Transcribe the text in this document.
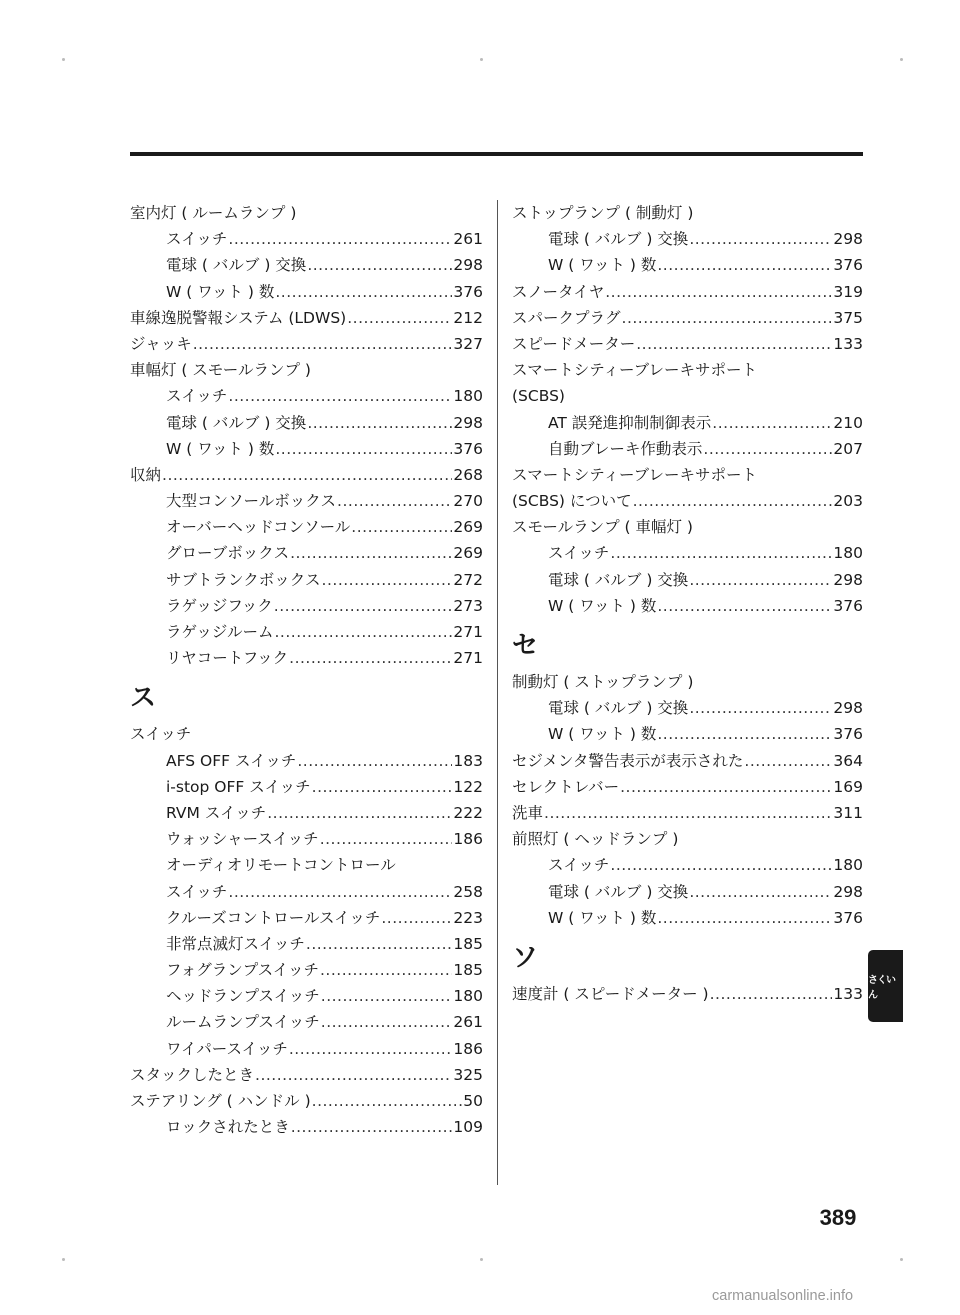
室内灯 ( ルームランプ )
スイッチ .....	261
電球 ( バルブ ) 交換 .....	298
W ( ワット ) 数 .....	376
車線逸脱警報システム (LDWS) .....	212
ジャッキ .....	327
車幅灯 ( スモールランプ )
スイッチ .....	180
電球 ( バルブ ) 交換 .....	298
W ( ワット ) 数 .....	376
収納 .....	268
大型コンソールボックス .....	270
オーバーヘッドコンソール .....	269
グローブボックス .....	269
サブトランクボックス .....	272
ラゲッジフック .....	273
ラゲッジルーム .....	271
リヤコートフック .....	271
ス
スイッチ
AFS OFF スイッチ .....	183
i-stop OFF スイッチ .....	122
RVM スイッチ .....	222
ウォッシャースイッチ .....	186
オーディオリモートコントロール
スイッチ .....	258
クルーズコントロールスイッチ .....	223
非常点滅灯スイッチ .....	185
フォグランプスイッチ .....	185
ヘッドランプスイッチ .....	180
ルームランプスイッチ .....	261
ワイパースイッチ .....	186
スタックしたとき .....	325
ステアリング ( ハンドル ) .....	50
ロックされたとき .....	109
ストップランプ ( 制動灯 )
電球 ( バルブ ) 交換 .....	298
W ( ワット ) 数 .....	376
スノータイヤ .....	319
スパークプラグ .....	375
スピードメーター .....	133
スマートシティーブレーキサポート
(SCBS)
AT 誤発進抑制制御表示 .....	210
自動ブレーキ作動表示 .....	207
スマートシティーブレーキサポート
(SCBS) について .....	203
スモールランプ ( 車幅灯 )
スイッチ .....	180
電球 ( バルブ ) 交換 .....	298
W ( ワット ) 数 .....	376
セ
制動灯 ( ストップランプ )
電球 ( バルブ ) 交換 .....	298
W ( ワット ) 数 .....	376
セジメンタ警告表示が表示された .....	364
セレクトレバー .....	169
洗車 .....	311
前照灯 ( ヘッドランプ )
スイッチ .....	180
電球 ( バルブ ) 交換 .....	298
W ( ワット ) 数 .....	376
ソ
速度計 ( スピードメーター ) .....	133
さくいん
389
carmanualsonline.info
